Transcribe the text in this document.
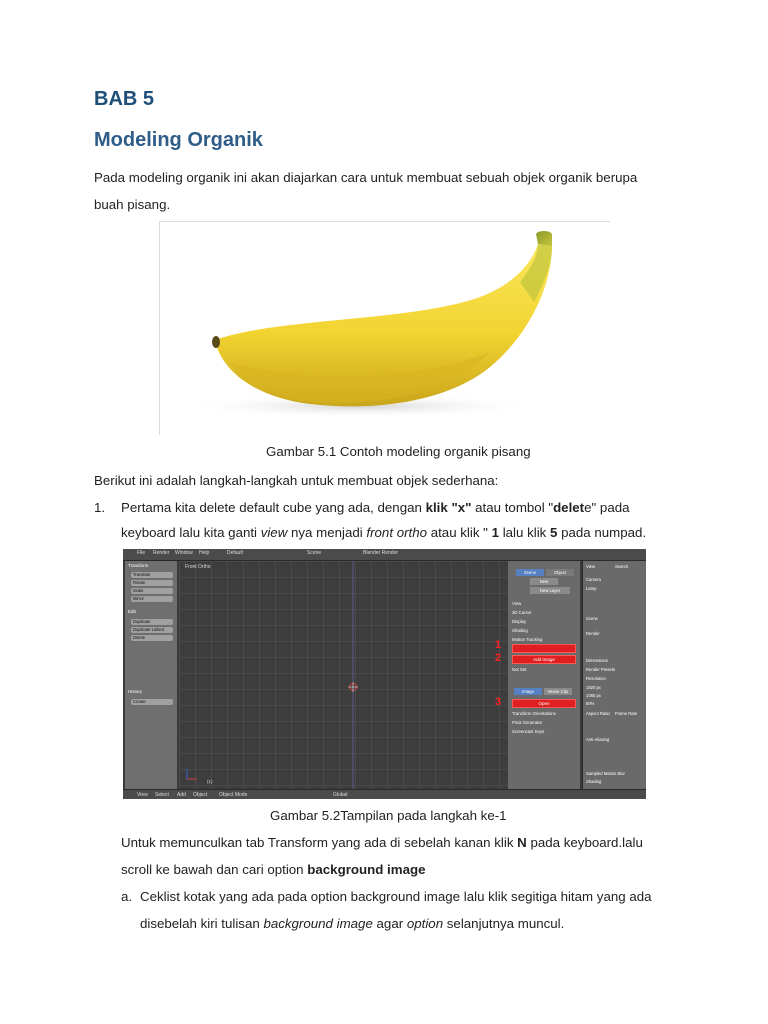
BAB 5
Modeling Organik

Pada modeling organik ini akan diajarkan cara untuk membuat sebuah objek organik berupa

buah pisang.

Gambar 5.1 Contoh modeling organik pisang

Berikut ini adalah langkah-langkah untuk membuat objek sederhana:

1. Pertama kita delete default cube yang ada, dengan klik "x" atau tombol "delete" pada

keyboard lalu kita ganti view nya menjadi front ortho atau klik " 1 lalu klik 5 pada numpad.

File Render Window Help	Default	Scene	Blender Render
Transform
Translate
Rotate
Scale
Mirror
Edit
Duplicate
Duplicate Linked
Delete
History
Create
Front Ortho
(1)
Scene	Object
New
New Layer
View
3D Cursor
Display
Shading
Motion Tracking
Add Image
Not Set
Image	Movie Clip
Open
Transform Orientations
Pivot Generator
Screencast Keys
1
2
3
View	Search
Camera
Lamp
Scene
Render
Dimensions
Render Presets
Resolution
1920 px
1080 px
50%
Aspect Ratio	Frame Rate
Anti-Aliasing
Sampled Motion Blur
Shading
View Select Add Object Object Mode	Global

Gambar 5.2Tampilan pada langkah ke-1

Untuk memunculkan tab Transform yang ada di sebelah kanan klik N pada keyboard.lalu

scroll ke bawah dan cari option background image

a. Ceklist kotak yang ada pada option background image lalu klik segitiga hitam yang ada

disebelah kiri tulisan background image agar option selanjutnya muncul.
